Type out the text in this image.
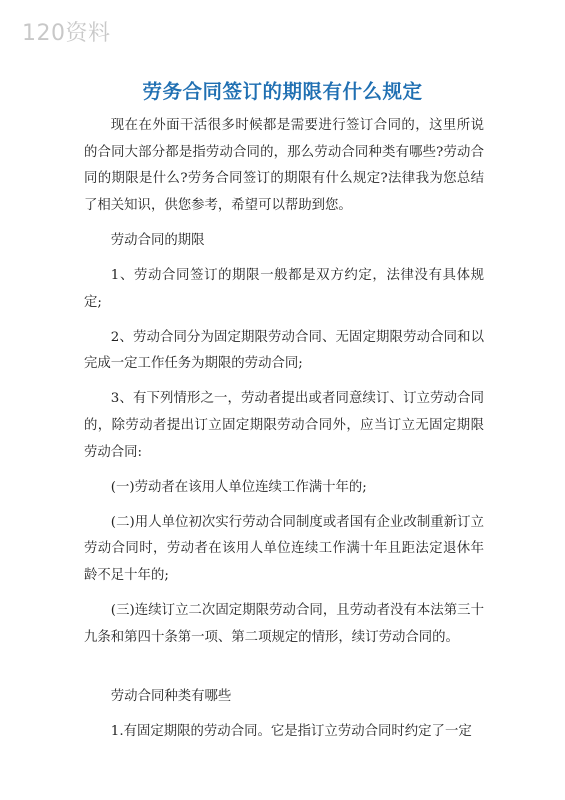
120资料
劳务合同签订的期限有什么规定

现在在外面干活很多时候都是需要进行签订合同的，这里所说的合同大部分都是指劳动合同的，那么劳动合同种类有哪些?劳动合同的期限是什么?劳务合同签订的期限有什么规定?法律我为您总结了相关知识，供您参考，希望可以帮助到您。

劳动合同的期限

1、劳动合同签订的期限一般都是双方约定，法律没有具体规定;

2、劳动合同分为固定期限劳动合同、无固定期限劳动合同和以完成一定工作任务为期限的劳动合同;

3、有下列情形之一，劳动者提出或者同意续订、订立劳动合同的，除劳动者提出订立固定期限劳动合同外，应当订立无固定期限劳动合同:

(一)劳动者在该用人单位连续工作满十年的;

(二)用人单位初次实行劳动合同制度或者国有企业改制重新订立劳动合同时，劳动者在该用人单位连续工作满十年且距法定退休年龄不足十年的;

(三)连续订立二次固定期限劳动合同，且劳动者没有本法第三十九条和第四十条第一项、第二项规定的情形，续订劳动合同的。

劳动合同种类有哪些

1.有固定期限的劳动合同。它是指订立劳动合同时约定了一定
